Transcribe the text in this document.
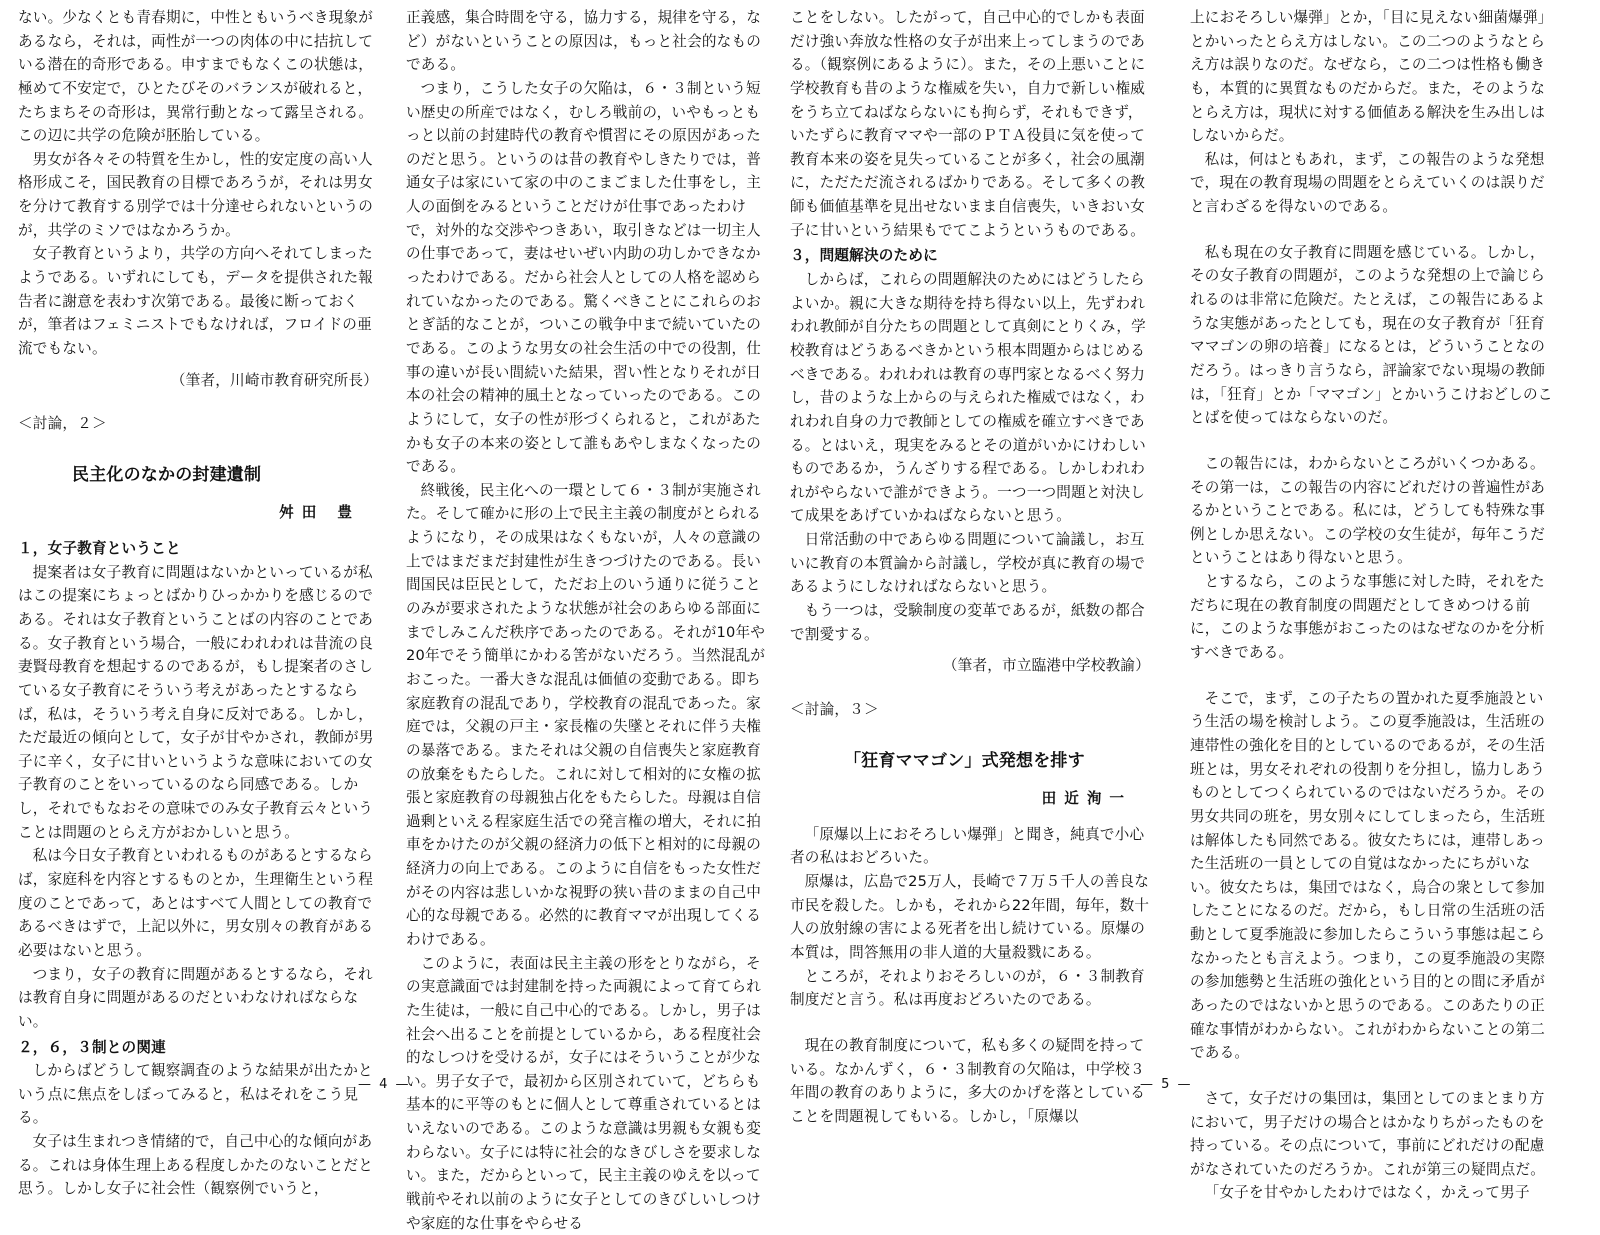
ない。少なくとも青春期に，中性ともいうべき現象があるなら，それは，両性が一つの肉体の中に拮抗している潜在的奇形である。申すまでもなくこの状態は，極めて不安定で，ひとたびそのバランスが破れると，たちまちその奇形は，異常行動となって露呈される。この辺に共学の危険が胚胎している。

男女が各々その特質を生かし，性的安定度の高い人格形成こそ，国民教育の目標であろうが，それは男女を分けて教育する別学では十分達せられないというのが，共学のミソではなかろうか。

女子教育というより，共学の方向へそれてしまったようである。いずれにしても，データを提供された報告者に謝意を表わす次第である。最後に断っておくが，筆者はフェミニストでもなければ，フロイドの亜流でもない。

（筆者，川崎市教育研究所長）

＜討論，２＞

民主化のなかの封建遺制

舛田 豊

１，女子教育ということ

提案者は女子教育に問題はないかといっているが私はこの提案にちょっとばかりひっかかりを感じるのである。それは女子教育ということばの内容のことである。女子教育という場合，一般にわれわれは昔流の良妻賢母教育を想起するのであるが，もし提案者のさしている女子教育にそういう考えがあったとするならば，私は，そういう考え自身に反対である。しかし，ただ最近の傾向として，女子が甘やかされ，教師が男子に辛く，女子に甘いというような意味においての女子教育のことをいっているのなら同感である。しかし，それでもなおその意味でのみ女子教育云々ということは問題のとらえ方がおかしいと思う。

私は今日女子教育といわれるものがあるとするならば，家庭科を内容とするものとか，生理衛生という程度のことであって，あとはすべて人間としての教育であるべきはずで，上記以外に，男女別々の教育がある必要はないと思う。

つまり，女子の教育に問題があるとするなら，それは教育自身に問題があるのだといわなければならない。

２，６，３制との関連

しからばどうして観察調査のような結果が出たかという点に焦点をしぼってみると，私はそれをこう見る。

女子は生まれつき情緒的で，自己中心的な傾向がある。これは身体生理上ある程度しかたのないことだと思う。しかし女子に社会性（観察例でいうと，

正義感，集合時間を守る，協力する，規律を守る，など）がないということの原因は，もっと社会的なものである。

つまり，こうした女子の欠陥は，６・３制という短い歴史の所産ではなく，むしろ戦前の，いやもっともっと以前の封建時代の教育や慣習にその原因があったのだと思う。というのは昔の教育やしきたりでは，普通女子は家にいて家の中のこまごました仕事をし，主人の面倒をみるということだけが仕事であったわけで，対外的な交渉やつきあい，取引きなどは一切主人の仕事であって，妻はせいぜい内助の功しかできなかったわけである。だから社会人としての人格を認められていなかったのである。驚くべきことにこれらのおとぎ話的なことが，ついこの戦争中まで続いていたのである。このような男女の社会生活の中での役割，仕事の違いが長い間続いた結果，習い性となりそれが日本の社会の精神的風土となっていったのである。このようにして，女子の性が形づくられると，これがあたかも女子の本来の姿として誰もあやしまなくなったのである。

終戦後，民主化への一環として６・３制が実施された。そして確かに形の上で民主主義の制度がとられるようになり，その成果はなくもないが，人々の意識の上ではまだまだ封建性が生きつづけたのである。長い間国民は臣民として，ただお上のいう通りに従うことのみが要求されたような状態が社会のあらゆる部面にまでしみこんだ秩序であったのである。それが10年や20年でそう簡単にかわる筈がないだろう。当然混乱がおこった。一番大きな混乱は価値の変動である。即ち家庭教育の混乱であり，学校教育の混乱であった。家庭では，父親の戸主・家長権の失墜とそれに伴う夫権の暴落である。またそれは父親の自信喪失と家庭教育の放棄をもたらした。これに対して相対的に女権の拡張と家庭教育の母親独占化をもたらした。母親は自信過剰といえる程家庭生活での発言権の増大，それに拍車をかけたのが父親の経済力の低下と相対的に母親の経済力の向上である。このように自信をもった女性だがその内容は悲しいかな視野の狭い昔のままの自己中心的な母親である。必然的に教育ママが出現してくるわけである。

このように，表面は民主主義の形をとりながら，その実意識面では封建制を持った両親によって育てられた生徒は，一般に自己中心的である。しかし，男子は社会へ出ることを前提としているから，ある程度社会的なしつけを受けるが，女子にはそういうことが少ない。男子女子で，最初から区別されていて，どちらも基本的に平等のもとに個人として尊重されているとはいえないのである。このような意識は男親も女親も変わらない。女子には特に社会的なきびしさを要求しない。また，だからといって，民主主義のゆえを以って戦前やそれ以前のように女子としてのきびしいしつけや家庭的な仕事をやらせる

— 4 —

ことをしない。したがって，自己中心的でしかも表面だけ強い奔放な性格の女子が出来上ってしまうのである。（観察例にあるように）。また，その上悪いことに学校教育も昔のような権威を失い，自力で新しい権威をうち立てねばならないにも拘らず，それもできず，いたずらに教育ママや一部のＰＴＡ役員に気を使って教育本来の姿を見失っていることが多く，社会の風潮に，ただただ流されるばかりである。そして多くの教師も価値基準を見出せないまま自信喪失，いきおい女子に甘いという結果もでてこようというものである。

３，問題解決のために

しからば，これらの問題解決のためにはどうしたらよいか。親に大きな期待を持ち得ない以上，先ずわれわれ教師が自分たちの問題として真剣にとりくみ，学校教育はどうあるべきかという根本問題からはじめるべきである。われわれは教育の専門家となるべく努力し，昔のような上からの与えられた権威ではなく，われわれ自身の力で教師としての権威を確立すべきである。とはいえ，現実をみるとその道がいかにけわしいものであるか，うんざりする程である。しかしわれわれがやらないで誰ができよう。一つ一つ問題と対決して成果をあげていかねばならないと思う。

日常活動の中であらゆる問題について論議し，お互いに教育の本質論から討議し，学校が真に教育の場であるようにしなければならないと思う。

もう一つは，受験制度の変革であるが，紙数の都合で割愛する。

（筆者，市立臨港中学校教諭）

＜討論，３＞

「狂育ママゴン」式発想を排す

田近洵一

「原爆以上におそろしい爆弾」と聞き，純真で小心者の私はおどろいた。

原爆は，広島で25万人，長崎で７万５千人の善良な市民を殺した。しかも，それから22年間，毎年，数十人の放射線の害による死者を出し続けている。原爆の本質は，問答無用の非人道的大量殺戮にある。

ところが，それよりおそろしいのが，６・３制教育制度だと言う。私は再度おどろいたのである。

現在の教育制度について，私も多くの疑問を持っている。なかんずく，６・３制教育の欠陥は，中学校３年間の教育のありように，多大のかげを落としていることを問題視してもいる。しかし，「原爆以

上におそろしい爆弾」とか，「目に見えない細菌爆弾」とかいったとらえ方はしない。この二つのようなとらえ方は誤りなのだ。なぜなら，この二つは性格も働きも，本質的に異質なものだからだ。また，そのようなとらえ方は，現状に対する価値ある解決を生み出しはしないからだ。

私は，何はともあれ，まず，この報告のような発想で，現在の教育現場の問題をとらえていくのは誤りだと言わざるを得ないのである。

私も現在の女子教育に問題を感じている。しかし，その女子教育の問題が，このような発想の上で論じられるのは非常に危険だ。たとえば，この報告にあるような実態があったとしても，現在の女子教育が「狂育ママゴンの卵の培養」になるとは，どういうことなのだろう。はっきり言うなら，評論家でない現場の教師は，「狂育」とか「ママゴン」とかいうこけおどしのことばを使ってはならないのだ。

この報告には，わからないところがいくつかある。その第一は，この報告の内容にどれだけの普遍性があるかということである。私には，どうしても特殊な事例としか思えない。この学校の女生徒が，毎年こうだということはあり得ないと思う。

とするなら，このような事態に対した時，それをただちに現在の教育制度の問題だとしてきめつける前に，このような事態がおこったのはなぜなのかを分析すべきである。

そこで，まず，この子たちの置かれた夏季施設という生活の場を検討しよう。この夏季施設は，生活班の連帯性の強化を目的としているのであるが，その生活班とは，男女それぞれの役割りを分担し，協力しあうものとしてつくられているのではないだろうか。その男女共同の班を，男女別々にしてしまったら，生活班は解体したも同然である。彼女たちには，連帯しあった生活班の一員としての自覚はなかったにちがいない。彼女たちは，集団ではなく，烏合の衆として参加したことになるのだ。だから，もし日常の生活班の活動として夏季施設に参加したらこういう事態は起こらなかったとも言えよう。つまり，この夏季施設の実際の参加態勢と生活班の強化という目的との間に矛盾があったのではないかと思うのである。このあたりの正確な事情がわからない。これがわからないことの第二である。

さて，女子だけの集団は，集団としてのまとまり方において，男子だけの場合とはかなりちがったものを持っている。その点について，事前にどれだけの配慮がなされていたのだろうか。これが第三の疑問点だ。

「女子を甘やかしたわけではなく，かえって男子

— 5 —
